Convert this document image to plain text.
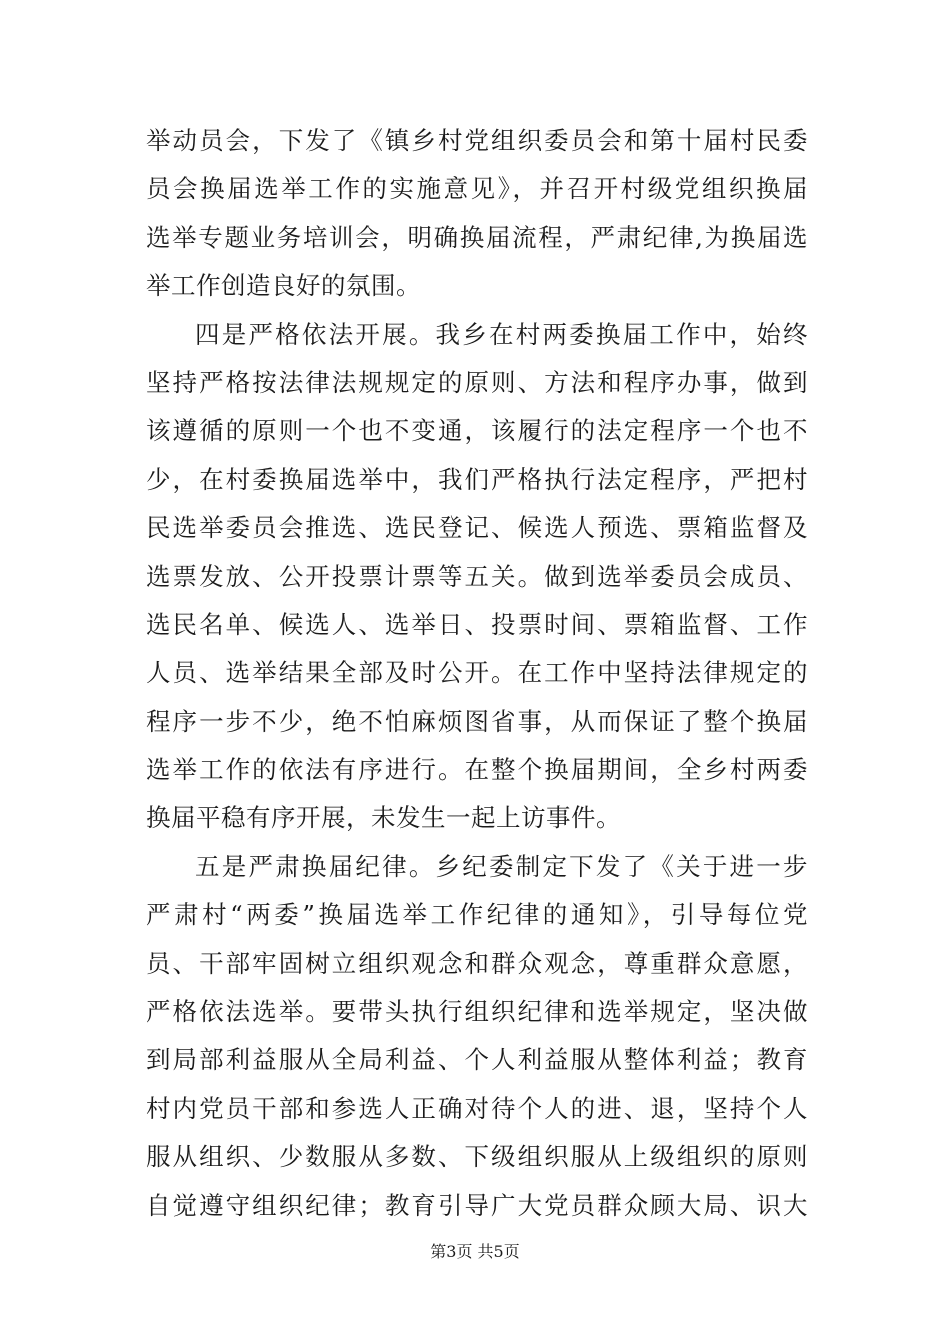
举动员会，下发了《镇乡村党组织委员会和第十届村民委
员会换届选举工作的实施意见》，并召开村级党组织换届
选举专题业务培训会，明确换届流程，严肃纪律,为换届选
举工作创造良好的氛围。
四是严格依法开展。我乡在村两委换届工作中，始终
坚持严格按法律法规规定的原则、方法和程序办事，做到
该遵循的原则一个也不变通，该履行的法定程序一个也不
少，在村委换届选举中，我们严格执行法定程序，严把村
民选举委员会推选、选民登记、候选人预选、票箱监督及
选票发放、公开投票计票等五关。做到选举委员会成员、
选民名单、候选人、选举日、投票时间、票箱监督、工作
人员、选举结果全部及时公开。在工作中坚持法律规定的
程序一步不少，绝不怕麻烦图省事，从而保证了整个换届
选举工作的依法有序进行。在整个换届期间，全乡村两委
换届平稳有序开展，未发生一起上访事件。
五是严肃换届纪律。乡纪委制定下发了《关于进一步
严肃村“两委”换届选举工作纪律的通知》，引导每位党
员、干部牢固树立组织观念和群众观念，尊重群众意愿，
严格依法选举。要带头执行组织纪律和选举规定，坚决做
到局部利益服从全局利益、个人利益服从整体利益；教育
村内党员干部和参选人正确对待个人的进、退，坚持个人
服从组织、少数服从多数、下级组织服从上级组织的原则
自觉遵守组织纪律；教育引导广大党员群众顾大局、识大
第3页 共5页
